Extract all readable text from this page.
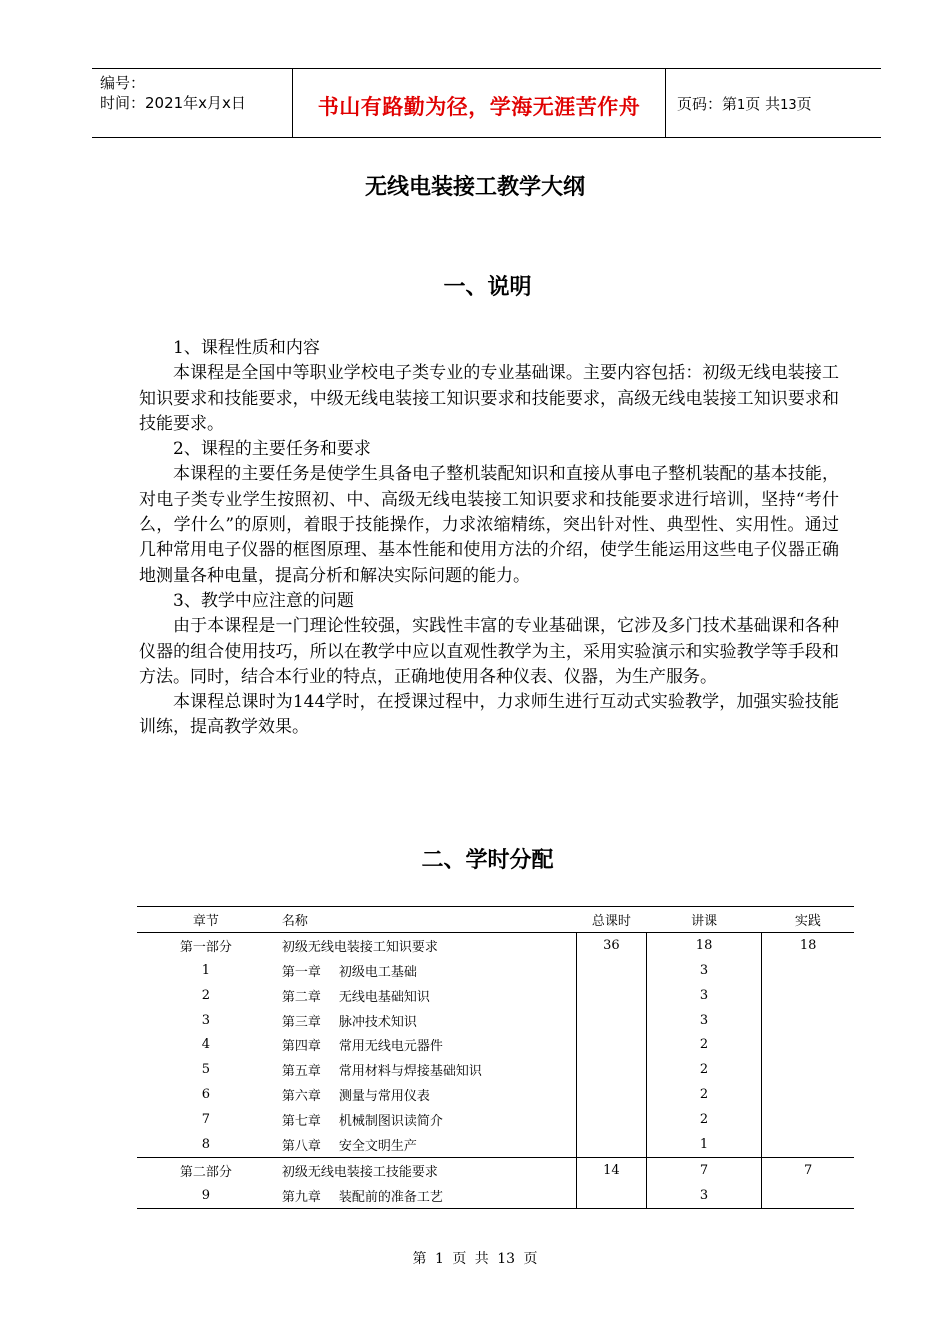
编号：
时间：2021年x月x日	书山有路勤为径，学海无涯苦作舟	页码：第1页 共13页
无线电装接工教学大纲
一、说明

1、课程性质和内容

本课程是全国中等职业学校电子类专业的专业基础课。主要内容包括：初级无线电装接工知识要求和技能要求，中级无线电装接工知识要求和技能要求，高级无线电装接工知识要求和技能要求。

2、课程的主要任务和要求

本课程的主要任务是使学生具备电子整机装配知识和直接从事电子整机装配的基本技能，对电子类专业学生按照初、中、高级无线电装接工知识要求和技能要求进行培训，坚持“考什么，学什么”的原则，着眼于技能操作，力求浓缩精练，突出针对性、典型性、实用性。通过几种常用电子仪器的框图原理、基本性能和使用方法的介绍，使学生能运用这些电子仪器正确地测量各种电量，提高分析和解决实际问题的能力。

3、教学中应注意的问题

由于本课程是一门理论性较强，实践性丰富的专业基础课，它涉及多门技术基础课和各种仪器的组合使用技巧，所以在教学中应以直观性教学为主，采用实验演示和实验教学等手段和方法。同时，结合本行业的特点，正确地使用各种仪表、仪器，为生产服务。

本课程总课时为144学时，在授课过程中，力求师生进行互动式实验教学，加强实验技能训练，提高教学效果。

二、学时分配
章节	名称	总课时	讲课	实践
第一部分	初级无线电装接工知识要求	36	18	18
1	第一章 初级电工基础		3	
2	第二章 无线电基础知识		3	
3	第三章 脉冲技术知识		3	
4	第四章 常用无线电元器件		2	
5	第五章 常用材料与焊接基础知识		2	
6	第六章 测量与常用仪表		2	
7	第七章 机械制图识读简介		2	
8	第八章 安全文明生产		1	
第二部分	初级无线电装接工技能要求	14	7	7
9	第九章 装配前的准备工艺		3	
第 1 页 共 13 页
